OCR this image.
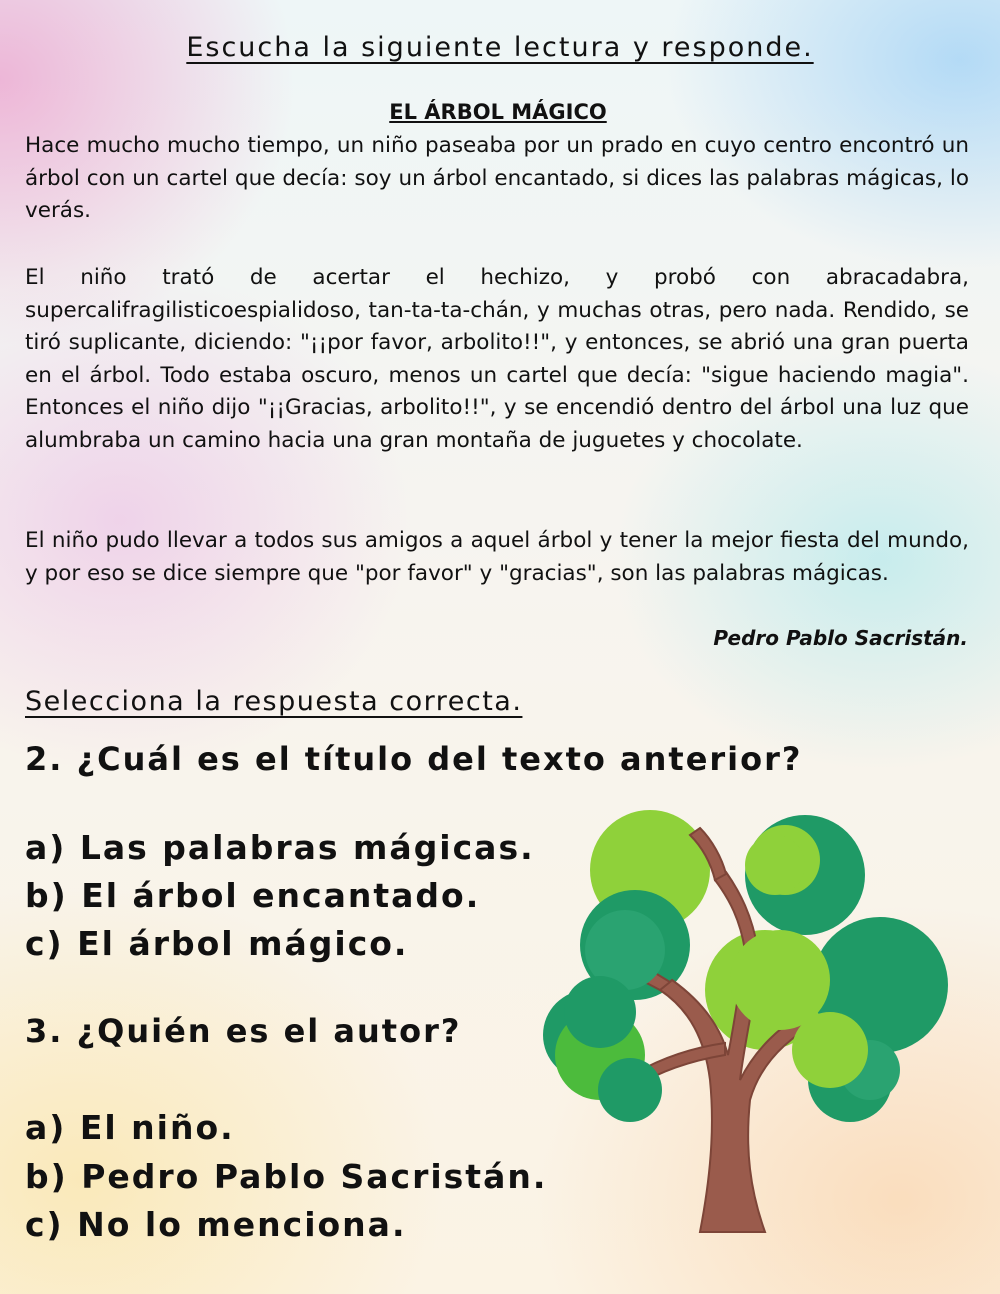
Escucha la siguiente lectura y responde.
EL ÁRBOL MÁGICO

Hace mucho mucho tiempo, un niño paseaba por un prado en cuyo centro encontró un árbol con un cartel que decía: soy un árbol encantado, si dices las palabras mágicas, lo verás.

El niño trató de acertar el hechizo, y probó con abracadabra, supercalifragilisticoespialidoso, tan-ta-ta-chán, y muchas otras, pero nada. Rendido, se tiró suplicante, diciendo: "¡¡por favor, arbolito!!", y entonces, se abrió una gran puerta en el árbol. Todo estaba oscuro, menos un cartel que decía: "sigue haciendo magia". Entonces el niño dijo "¡¡Gracias, arbolito!!", y se encendió dentro del árbol una luz que alumbraba un camino hacia una gran montaña de juguetes y chocolate.

El niño pudo llevar a todos sus amigos a aquel árbol y tener la mejor fiesta del mundo, y por eso se dice siempre que "por favor" y "gracias", son las palabras mágicas.

Pedro Pablo Sacristán.
Selecciona la respuesta correcta.
2. ¿Cuál es el título del texto anterior?
a) Las palabras mágicas.
b) El árbol encantado.
c) El árbol mágico.
3. ¿Quién es el autor?
a) El niño.
b) Pedro Pablo Sacristán.
c) No lo menciona.
